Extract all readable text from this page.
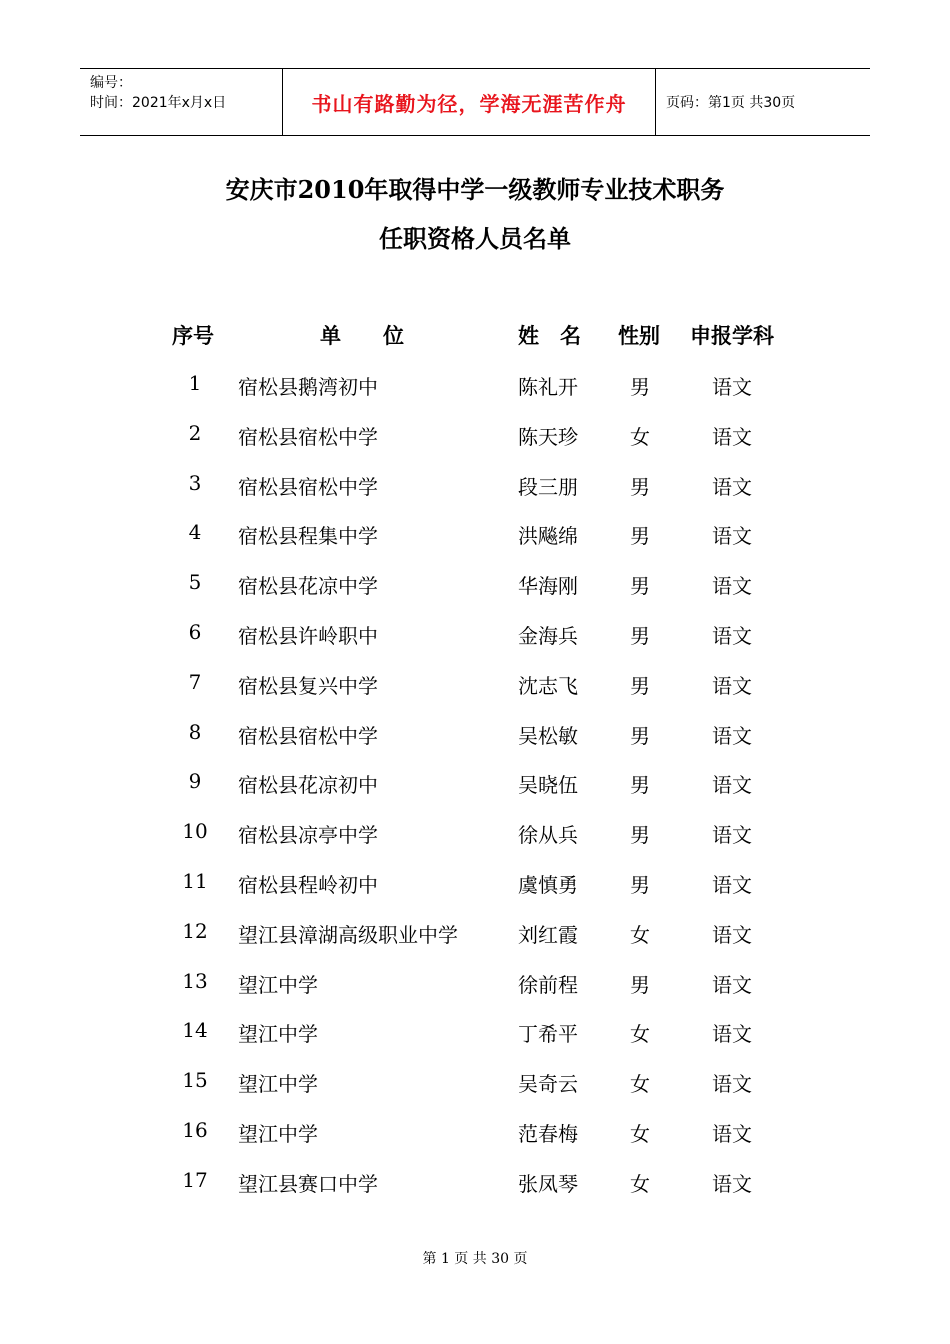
编号：
时间：2021年x月x日	书山有路勤为径，学海无涯苦作舟	页码：第1页 共30页
安庆市2010年取得中学一级教师专业技术职务
任职资格人员名单
序号	单　　位	姓　名 性别 申报学科
1	宿松县鹅湾初中	陈礼开	男	语文
2	宿松县宿松中学	陈天珍	女	语文
3	宿松县宿松中学	段三朋	男	语文
4	宿松县程集中学	洪飚绵	男	语文
5	宿松县花凉中学	华海刚	男	语文
6	宿松县许岭职中	金海兵	男	语文
7	宿松县复兴中学	沈志飞	男	语文
8	宿松县宿松中学	吴松敏	男	语文
9	宿松县花凉初中	吴晓伍	男	语文
10	宿松县凉亭中学	徐从兵	男	语文
11	宿松县程岭初中	虞慎勇	男	语文
12	望江县漳湖高级职业中学	刘红霞	女	语文
13	望江中学	徐前程	男	语文
14	望江中学	丁希平	女	语文
15	望江中学	吴奇云	女	语文
16	望江中学	范春梅	女	语文
17	望江县赛口中学	张凤琴	女	语文
第 1 页 共 30 页
